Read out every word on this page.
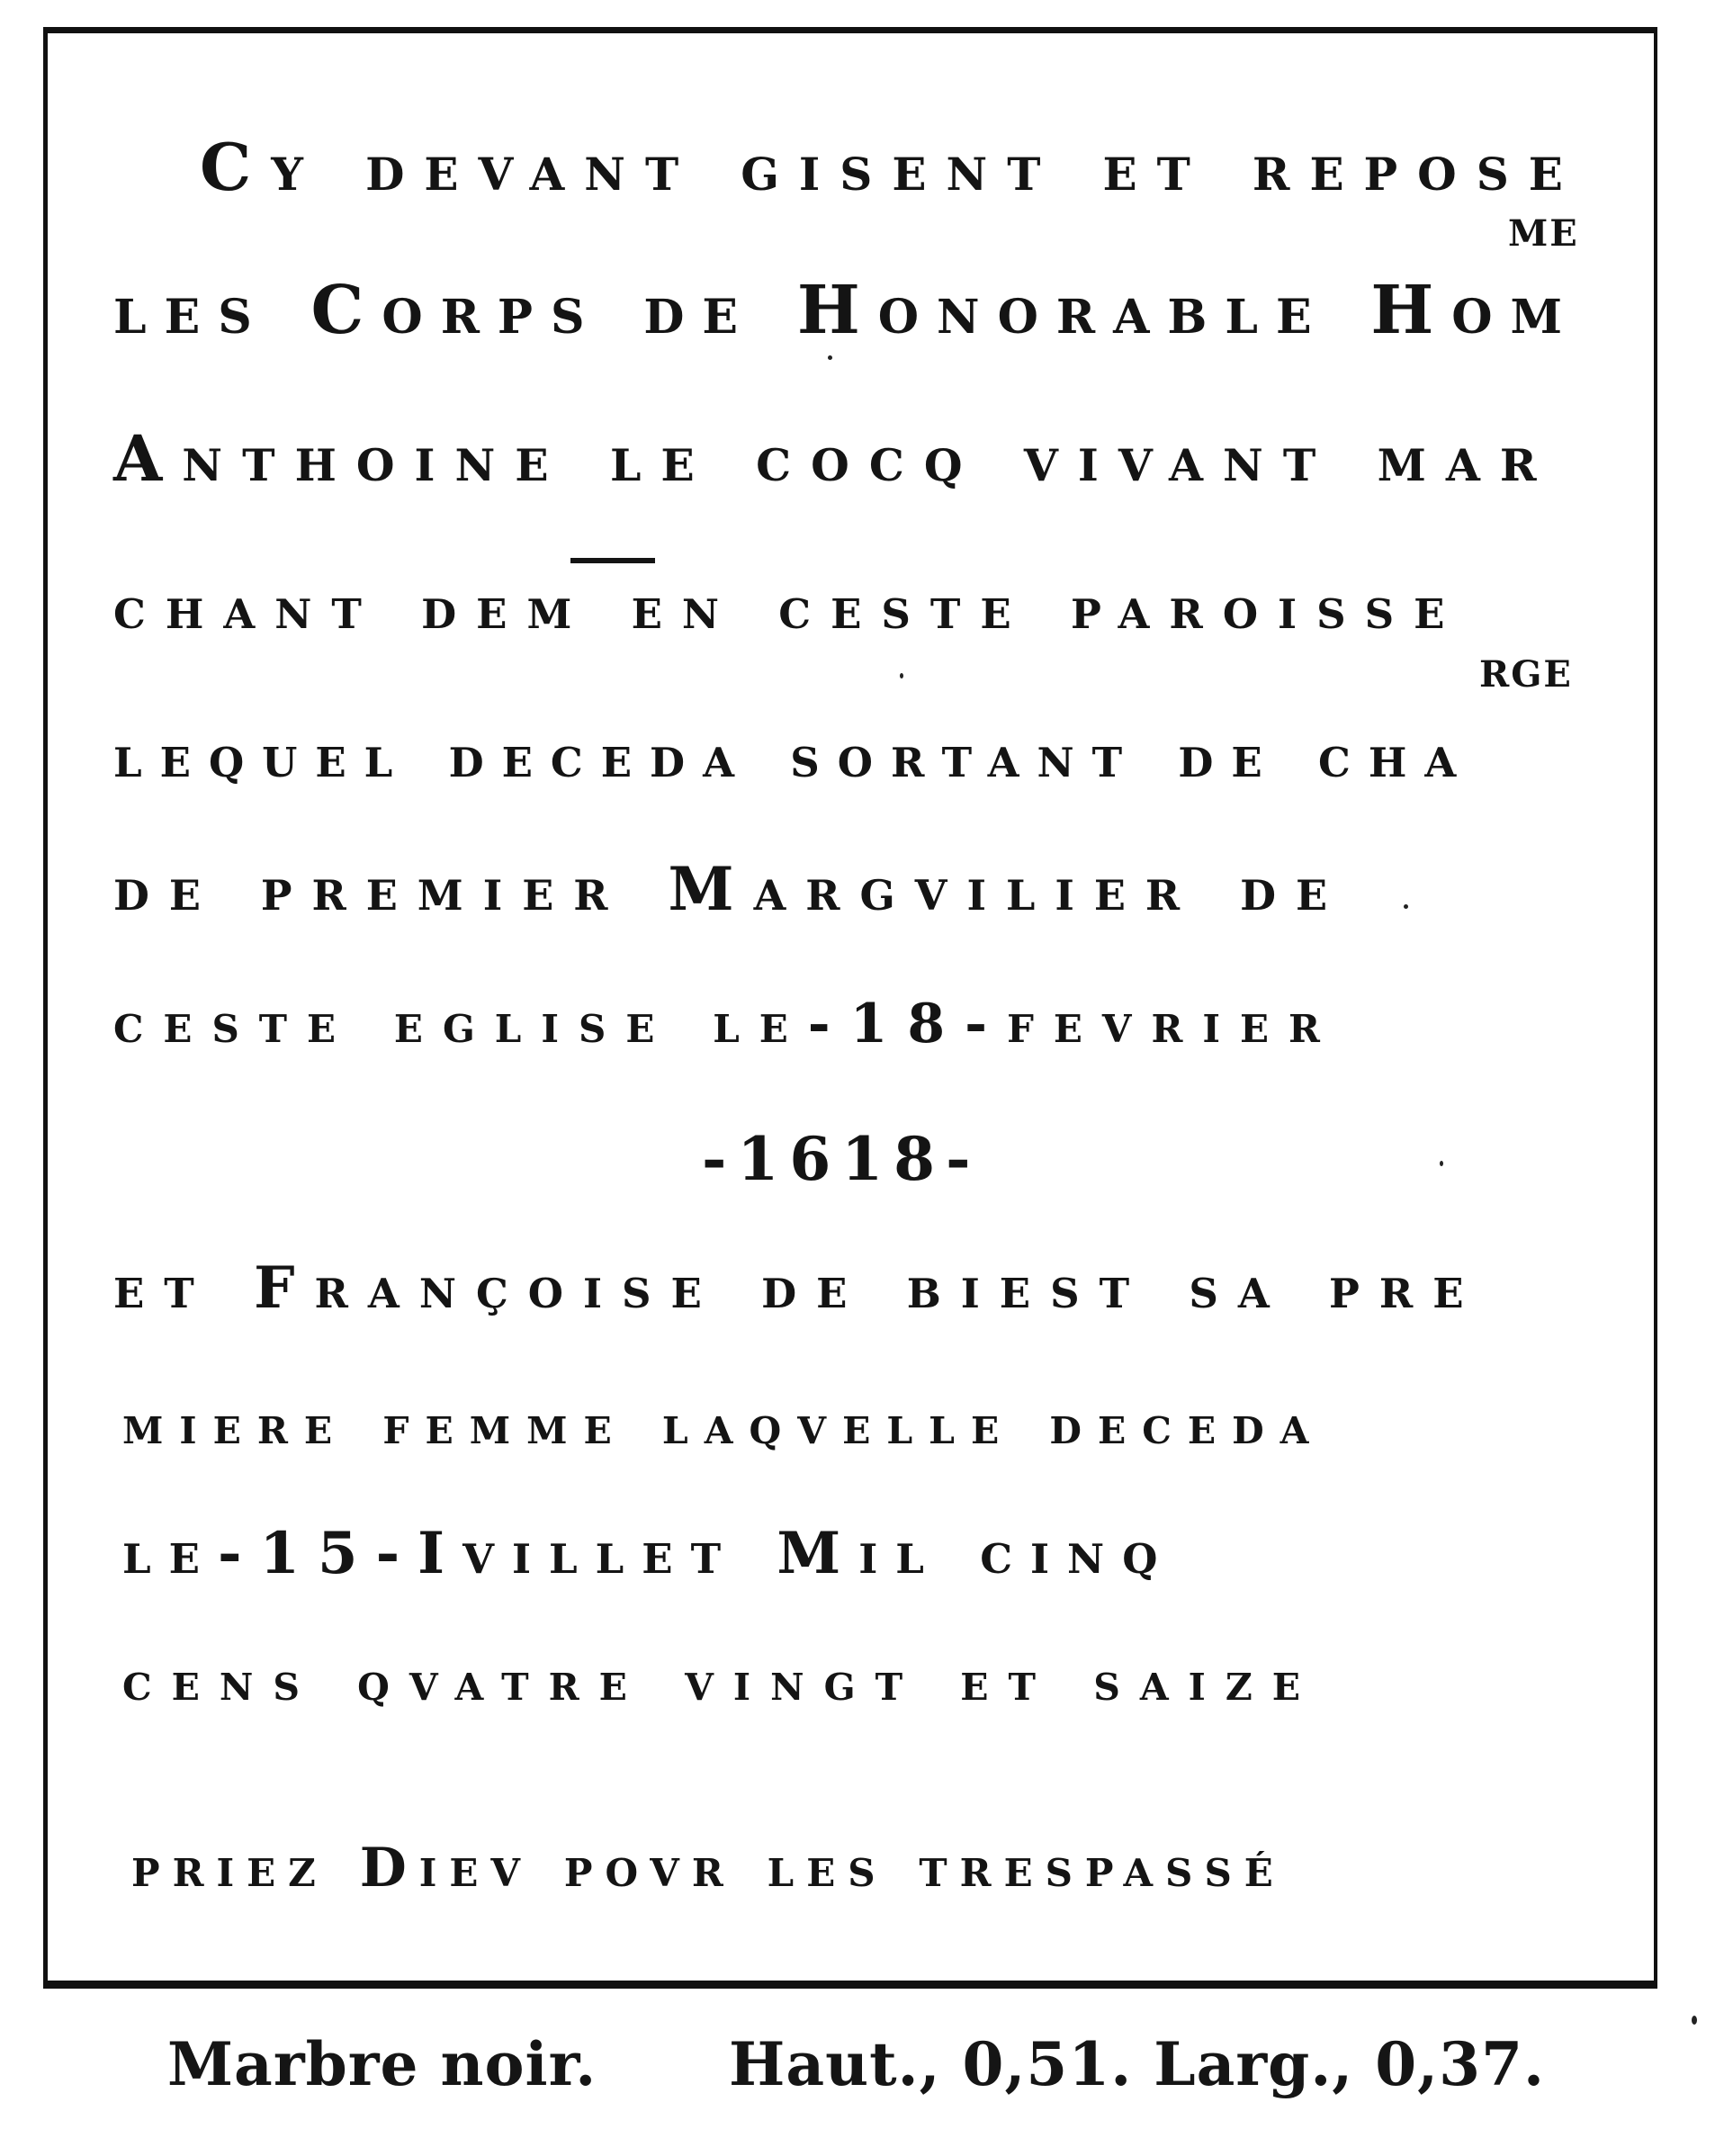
Cy devant gisent et repose
ME
les Corps de Honorable Hom
Anthoine le cocq vivant mar
chant dem en ceste paroisse
RGE
lequel deceda sortant de cha
de premier Margvilier de
ceste eglise le-18-fevrier
-1618-
et Françoise de biest sa pre
miere femme laqvelle deceda
le-15-Ivillet Mil cinq
cens qvatre vingt et saize
priez Diev povr les trespassé
Marbre noir. Haut., 0,51. Larg., 0,37.
